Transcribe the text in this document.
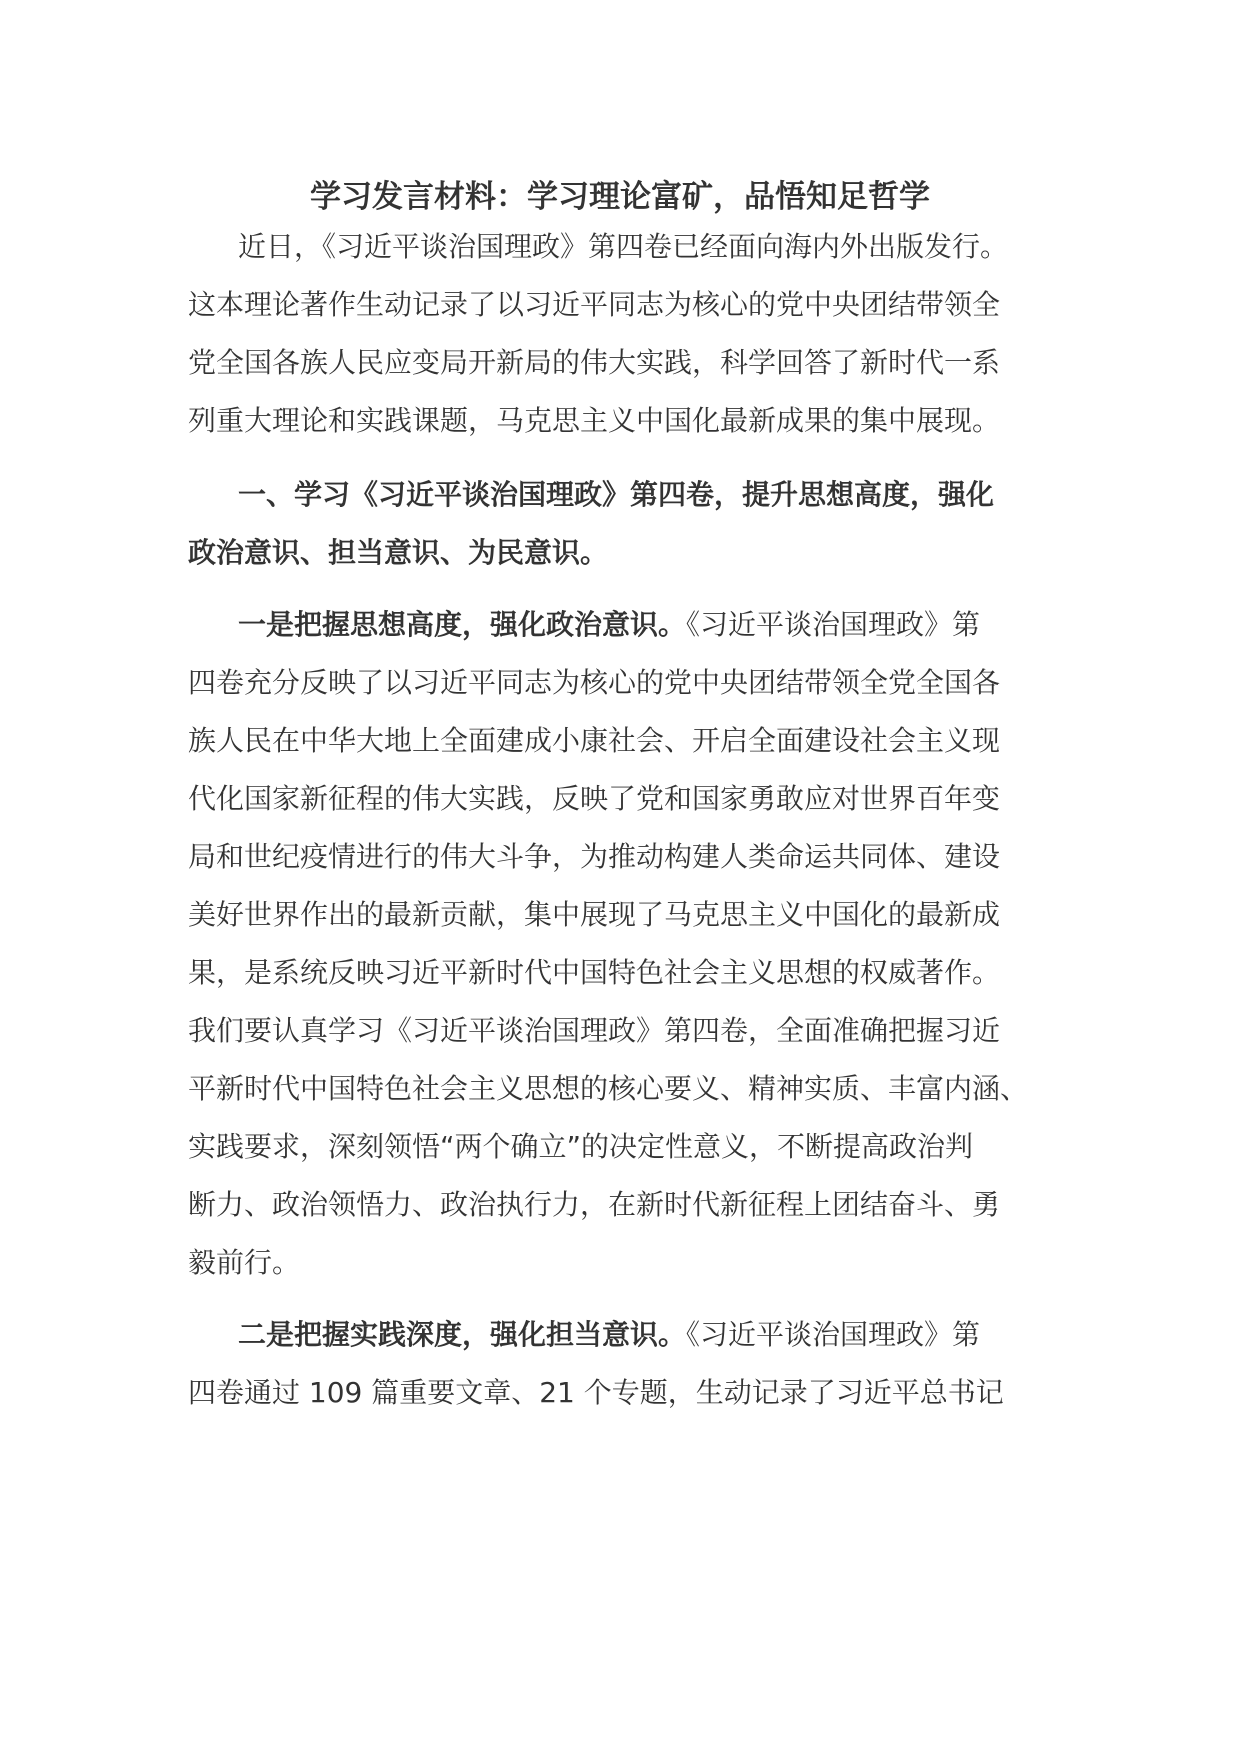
学习发言材料：学习理论富矿，品悟知足哲学
近日，《习近平谈治国理政》第四卷已经面向海内外出版发行。
这本理论著作生动记录了以习近平同志为核心的党中央团结带领全
党全国各族人民应变局开新局的伟大实践，科学回答了新时代一系
列重大理论和实践课题，马克思主义中国化最新成果的集中展现。
一、学习《习近平谈治国理政》第四卷，提升思想高度，强化
政治意识、担当意识、为民意识。
一是把握思想高度，强化政治意识。《习近平谈治国理政》第
四卷充分反映了以习近平同志为核心的党中央团结带领全党全国各
族人民在中华大地上全面建成小康社会、开启全面建设社会主义现
代化国家新征程的伟大实践，反映了党和国家勇敢应对世界百年变
局和世纪疫情进行的伟大斗争，为推动构建人类命运共同体、建设
美好世界作出的最新贡献，集中展现了马克思主义中国化的最新成
果，是系统反映习近平新时代中国特色社会主义思想的权威著作。
我们要认真学习《习近平谈治国理政》第四卷，全面准确把握习近
平新时代中国特色社会主义思想的核心要义、精神实质、丰富内涵、
实践要求，深刻领悟“两个确立”的决定性意义，不断提高政治判
断力、政治领悟力、政治执行力，在新时代新征程上团结奋斗、勇
毅前行。
二是把握实践深度，强化担当意识。《习近平谈治国理政》第
四卷通过 109 篇重要文章、21 个专题，生动记录了习近平总书记
